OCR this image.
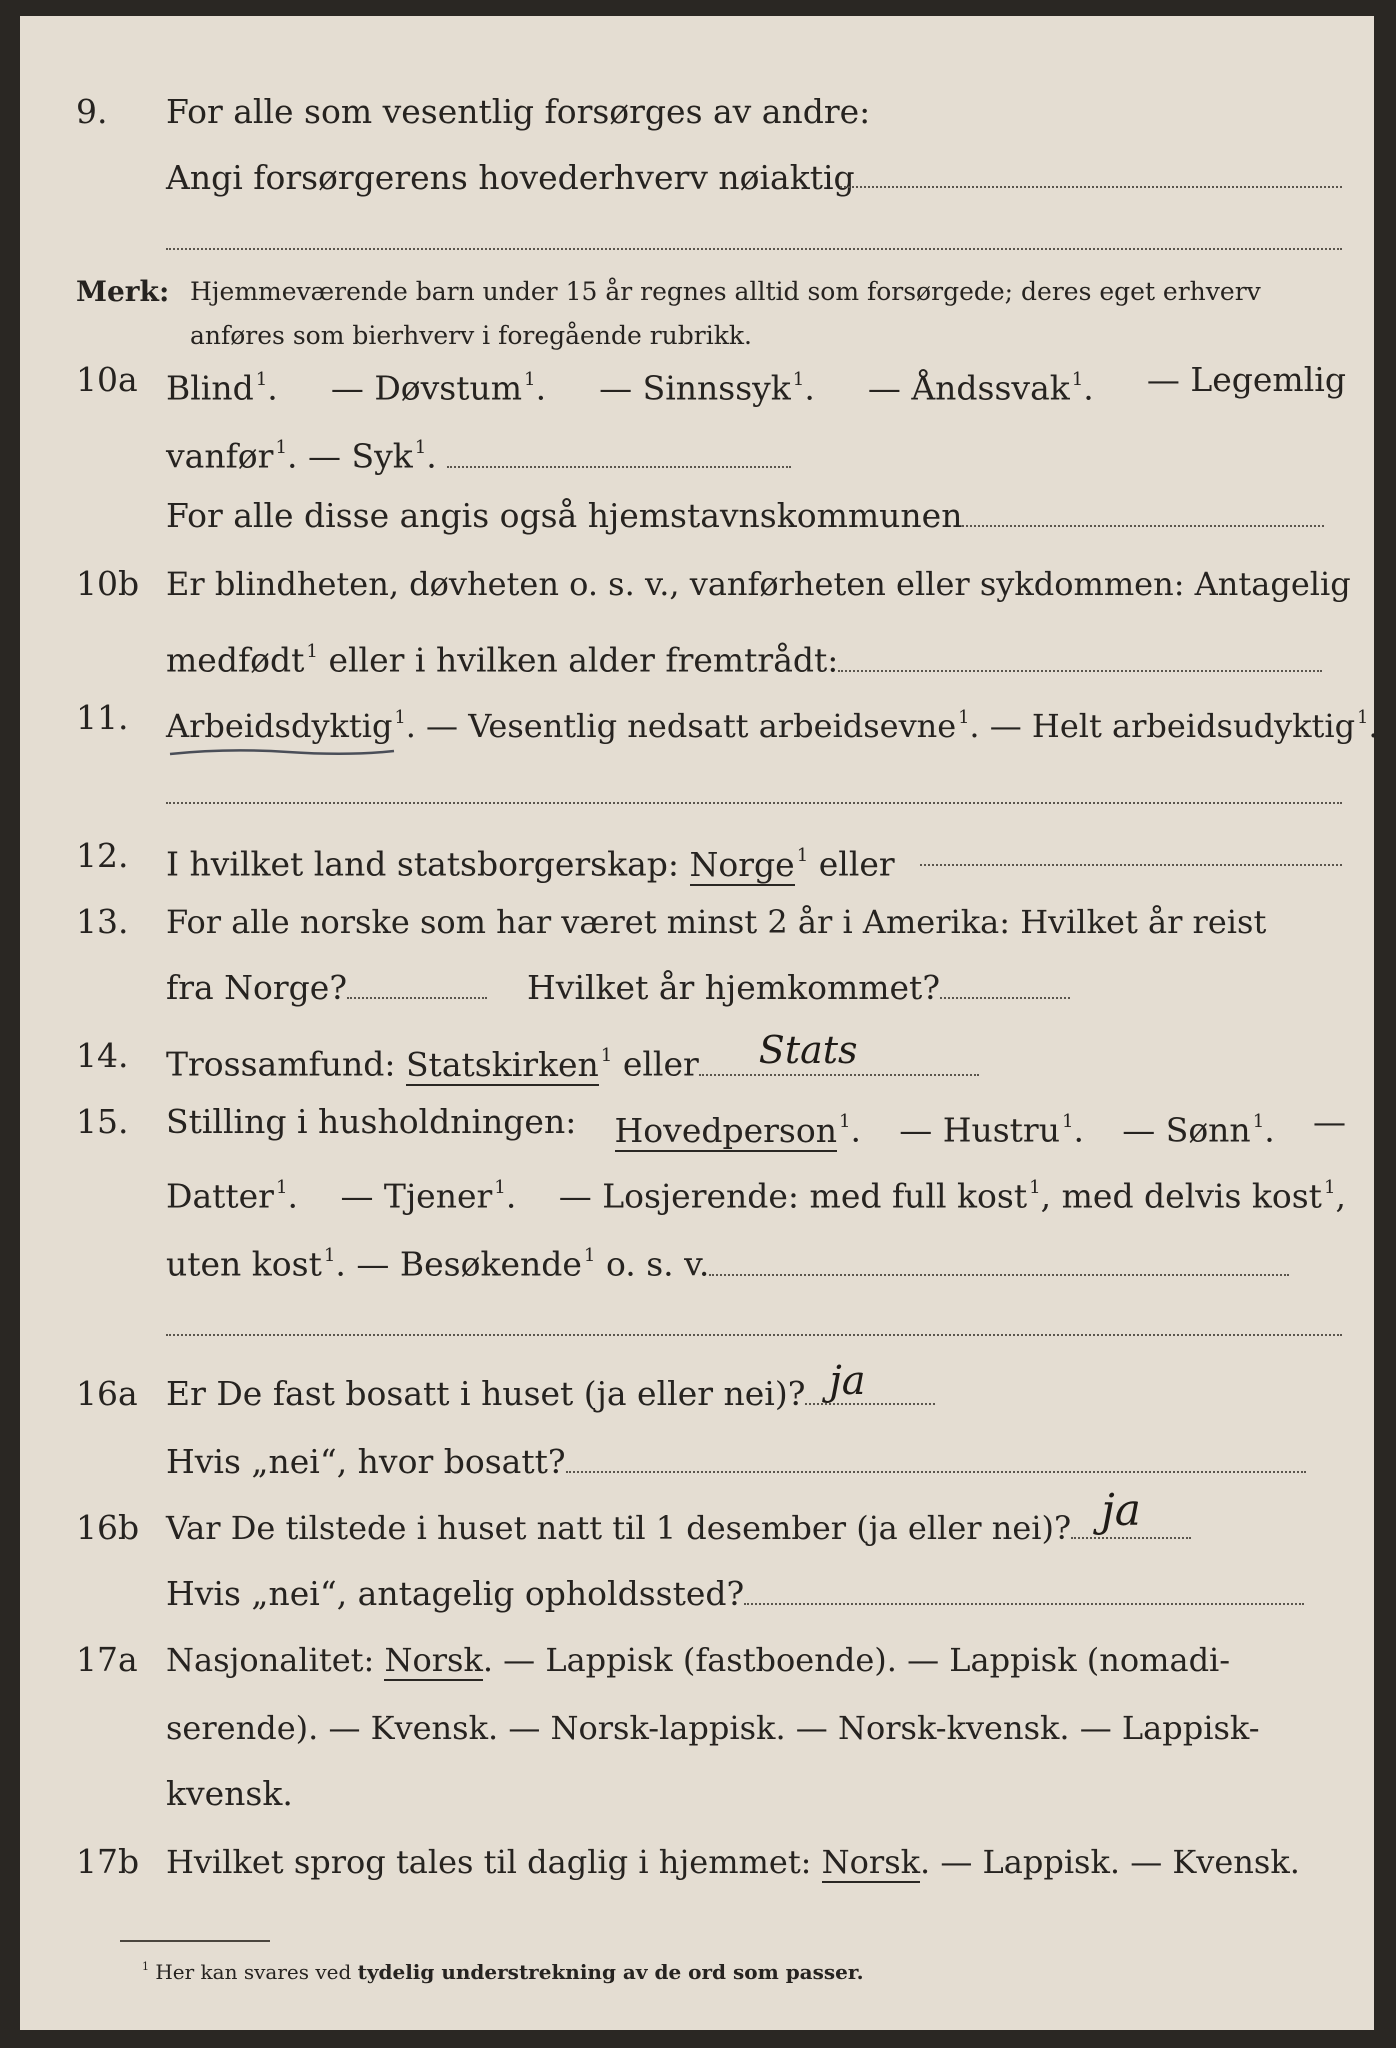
9. For alle som vesentlig forsørges av andre:
Angi forsørgerens hovederhverv nøiaktig
Merk: Hjemmeværende barn under 15 år regnes alltid som forsørgede; deres eget erhverv anføres som bierhverv i foregående rubrikk.
10a Blind $^1$. — Døvstum $^1$. — Sinnssyk $^1$. — Åndssvak $^1$. — Legemlig
vanfør $^1$. — Syk $^1$.
For alle disse angis også hjemstavnskommunen
10b Er blindheten, døvheten o. s. v., vanførheten eller sykdommen: Antagelig
medfødt $^1$ eller i hvilken alder fremtrådt:
11. Arbeidsdyktig $^1$. — Vesentlig nedsatt arbeidsevne $^1$. — Helt arbeidsudyktig $^1$.
12. I hvilket land statsborgerskap: Norge $^1$ eller
13. For alle norske som har været minst 2 år i Amerika: Hvilket år reist
fra Norge?	Hvilket år hjemkommet?
14. Trossamfund: Statskirken $^1$ eller Stats
15. Stilling i husholdningen: Hovedperson $^1$. — Hustru $^1$. — Sønn $^1$. —
Datter $^1$. — Tjener $^1$. — Losjerende: med full kost $^1$, med delvis kost $^1$,
uten kost $^1$. — Besøkende $^1$ o. s. v.
16a Er De fast bosatt i huset (ja eller nei)? ja
Hvis „nei“, hvor bosatt?
16b Var De tilstede i huset natt til 1 desember (ja eller nei)? ja
Hvis „nei“, antagelig opholdssted?
17a Nasjonalitet: Norsk. — Lappisk (fastboende). — Lappisk (nomadi-
serende). — Kvensk. — Norsk-lappisk. — Norsk-kvensk. — Lappisk-
kvensk.
17b Hvilket sprog tales til daglig i hjemmet: Norsk. — Lappisk. — Kvensk.
$^1$ Her kan svares ved tydelig understrekning av de ord som passer.
